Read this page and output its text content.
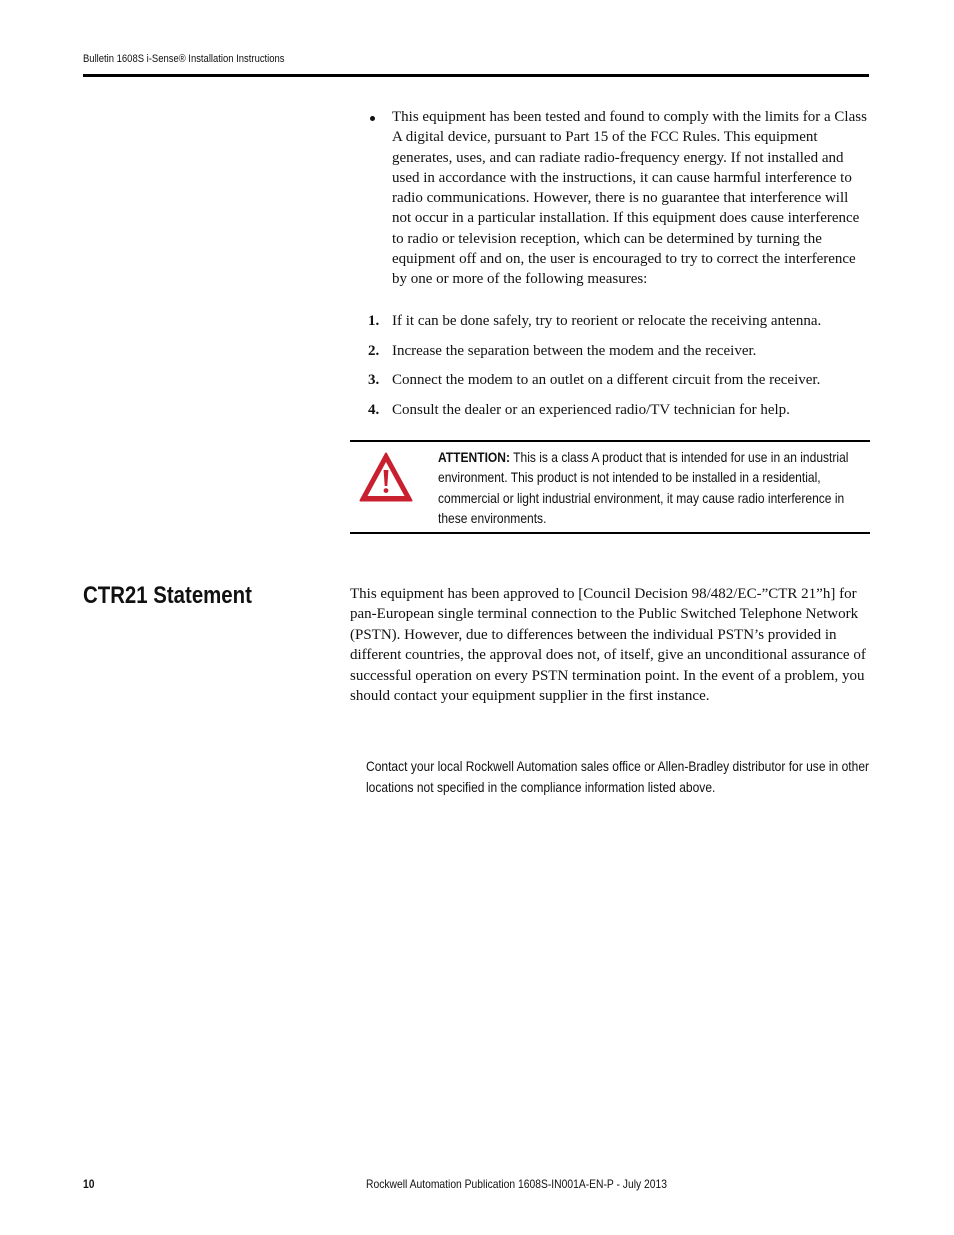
Bulletin 1608S i-Sense® Installation Instructions
This equipment has been tested and found to comply with the limits for a Class A digital device, pursuant to Part 15 of the FCC Rules. This equipment generates, uses, and can radiate radio-frequency energy. If not installed and used in accordance with the instructions, it can cause harmful interference to radio communications. However, there is no guarantee that interference will not occur in a particular installation. If this equipment does cause interference to radio or television reception, which can be determined by turning the equipment off and on, the user is encouraged to try to correct the interference by one or more of the following measures:
1. If it can be done safely, try to reorient or relocate the receiving antenna.
2. Increase the separation between the modem and the receiver.
3. Connect the modem to an outlet on a different circuit from the receiver.
4. Consult the dealer or an experienced radio/TV technician for help.
ATTENTION: This is a class A product that is intended for use in an industrial environment. This product is not intended to be installed in a residential, commercial or light industrial environment, it may cause radio interference in these environments.
CTR21 Statement	This equipment has been approved to [Council Decision 98/482/EC-”CTR 21”h] for pan-European single terminal connection to the Public Switched Telephone Network (PSTN). However, due to differences between the individual PSTN’s provided in different countries, the approval does not, of itself, give an unconditional assurance of successful operation on every PSTN termination point. In the event of a problem, you should contact your equipment supplier in the first instance.
Contact your local Rockwell Automation sales office or Allen-Bradley distributor for use in other locations not specified in the compliance information listed above.
10	Rockwell Automation Publication 1608S-IN001A-EN-P - July 2013
